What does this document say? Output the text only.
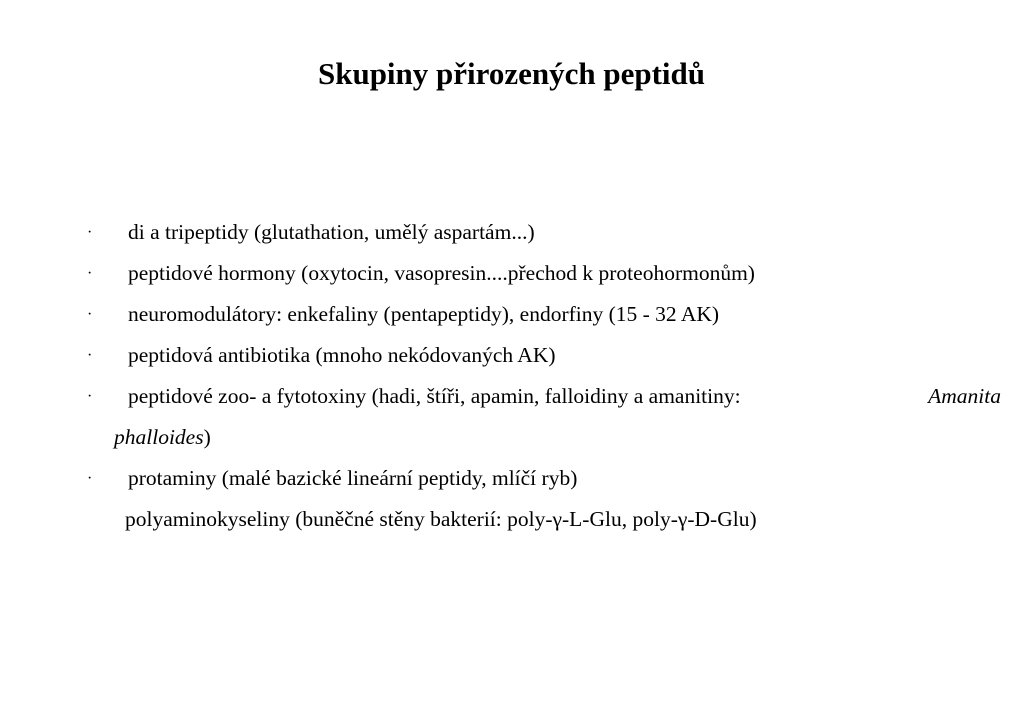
Skupiny přirozených peptidů
· di a tripeptidy (glutathation, umělý aspartám...)
· peptidové hormony (oxytocin, vasopresin....přechod k proteohormonům)
· neuromodulátory: enkefaliny (pentapeptidy), endorfiny (15 - 32 AK)
· peptidová antibiotika (mnoho nekódovaných AK)
· peptidové zoo- a fytotoxiny (hadi, štíři, apamin, falloidiny a amanitiny:	Amanita
phalloides)
· protaminy (malé bazické lineární peptidy, mlíčí ryb)
polyaminokyseliny (buněčné stěny bakterií: poly-γ-L-Glu, poly-γ-D-Glu)
